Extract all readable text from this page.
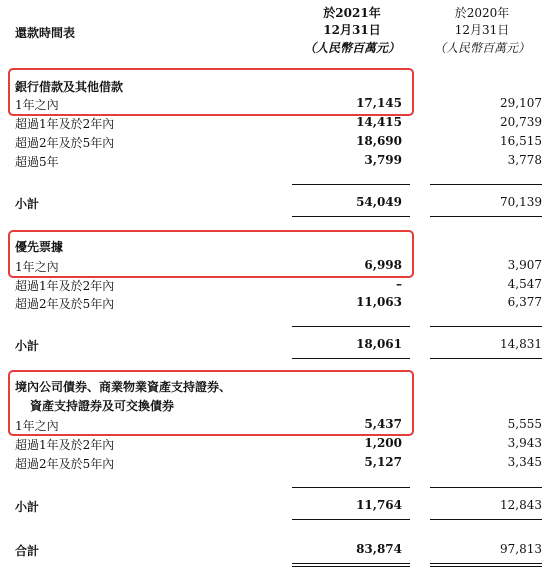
還款時間表
於2021年
12月31日
（人民幣百萬元）
於2020年
12月31日
（人民幣百萬元）
銀行借款及其他借款
1年之內	17,145	29,107
超過1年及於2年內	14,415	20,739
超過2年及於5年內	18,690	16,515
超過5年	3,799	3,778
小計	54,049	70,139
優先票據
1年之內	6,998	3,907
超過1年及於2年內	–	4,547
超過2年及於5年內	11,063	6,377
小計	18,061	14,831
境內公司債券、商業物業資產支持證券、
資產支持證券及可交換債券
1年之內	5,437	5,555
超過1年及於2年內	1,200	3,943
超過2年及於5年內	5,127	3,345
小計	11,764	12,843
合計	83,874	97,813
